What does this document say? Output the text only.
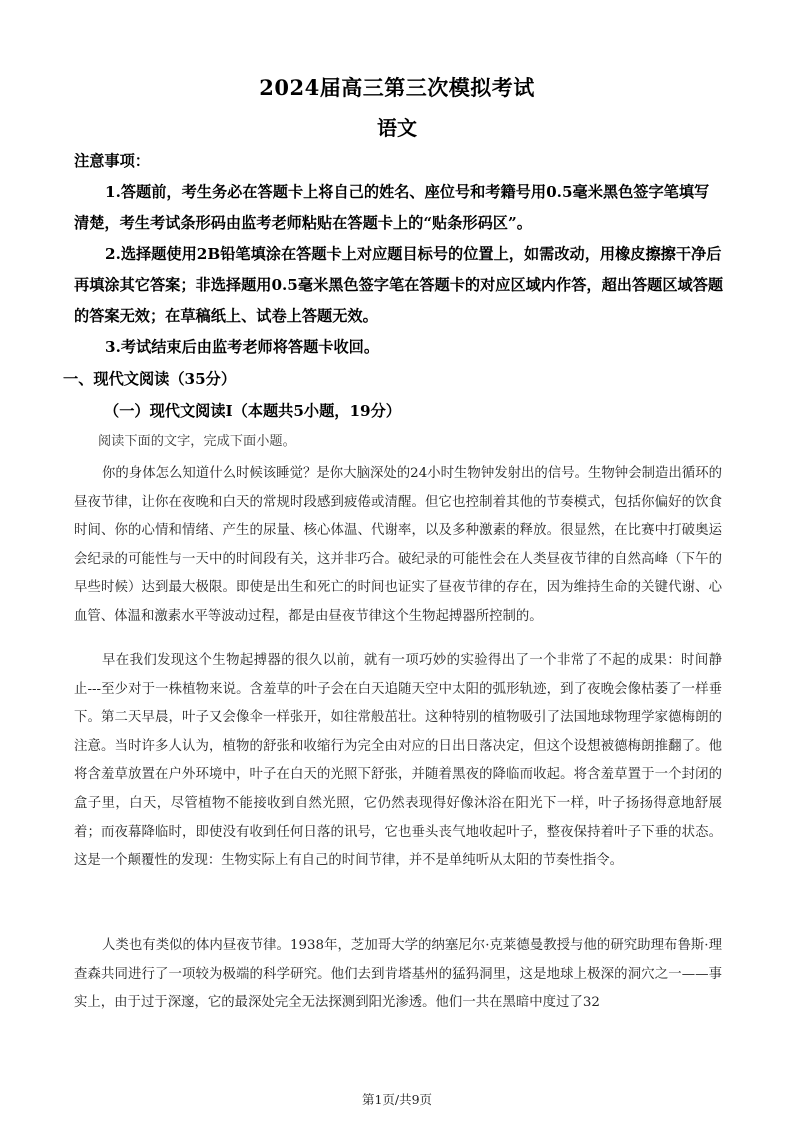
2024届高三第三次模拟考试
语文
注意事项：
1.答题前，考生务必在答题卡上将自己的姓名、座位号和考籍号用0.5毫米黑色签字笔填写清楚，考生考试条形码由监考老师粘贴在答题卡上的“贴条形码区”。
2.选择题使用2B铅笔填涂在答题卡上对应题目标号的位置上，如需改动，用橡皮擦擦干净后再填涂其它答案；非选择题用0.5毫米黑色签字笔在答题卡的对应区域内作答，超出答题区域答题的答案无效；在草稿纸上、试卷上答题无效。
3.考试结束后由监考老师将答题卡收回。
一、现代文阅读（35分）
（一）现代文阅读Ⅰ（本题共5小题，19分）
阅读下面的文字，完成下面小题。
你的身体怎么知道什么时候该睡觉？是你大脑深处的24小时生物钟发射出的信号。生物钟会制造出循环的昼夜节律，让你在夜晚和白天的常规时段感到疲倦或清醒。但它也控制着其他的节奏模式，包括你偏好的饮食时间、你的心情和情绪、产生的尿量、核心体温、代谢率，以及多种激素的释放。很显然，在比赛中打破奥运会纪录的可能性与一天中的时间段有关，这并非巧合。破纪录的可能性会在人类昼夜节律的自然高峰（下午的早些时候）达到最大极限。即使是出生和死亡的时间也证实了昼夜节律的存在，因为维持生命的关键代谢、心血管、体温和激素水平等波动过程，都是由昼夜节律这个生物起搏器所控制的。
早在我们发现这个生物起搏器的很久以前，就有一项巧妙的实验得出了一个非常了不起的成果：时间静止---至少对于一株植物来说。含羞草的叶子会在白天追随天空中太阳的弧形轨迹，到了夜晚会像枯萎了一样垂下。第二天早晨，叶子又会像伞一样张开，如往常般茁壮。这种特别的植物吸引了法国地球物理学家德梅朗的注意。当时许多人认为，植物的舒张和收缩行为完全由对应的日出日落决定，但这个设想被德梅朗推翻了。他将含羞草放置在户外环境中，叶子在白天的光照下舒张，并随着黑夜的降临而收起。将含羞草置于一个封闭的盒子里，白天，尽管植物不能接收到自然光照，它仍然表现得好像沐浴在阳光下一样，叶子扬扬得意地舒展着；而夜幕降临时，即使没有收到任何日落的讯号，它也垂头丧气地收起叶子，整夜保持着叶子下垂的状态。这是一个颠覆性的发现：生物实际上有自己的时间节律，并不是单纯听从太阳的节奏性指令。
人类也有类似的体内昼夜节律。1938年，芝加哥大学的纳塞尼尔·克莱德曼教授与他的研究助理布鲁斯·理查森共同进行了一项较为极端的科学研究。他们去到肯塔基州的猛犸洞里，这是地球上极深的洞穴之一——事实上，由于过于深邃，它的最深处完全无法探测到阳光渗透。他们一共在黑暗中度过了32
第1页/共9页
